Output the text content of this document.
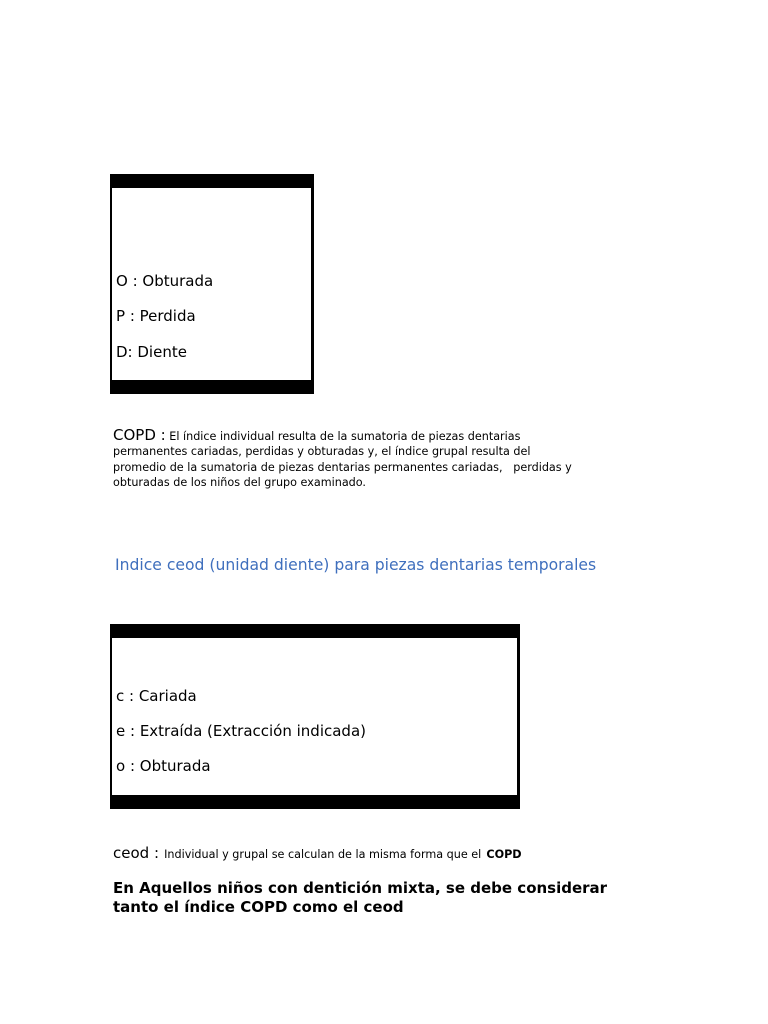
O : Obturada
P : Perdida
D: Diente
COPD : El índice individual resulta de la sumatoria de piezas dentarias
permanentes cariadas, perdidas y obturadas y, el índice grupal resulta del
promedio de la sumatoria de piezas dentarias permanentes cariadas,   perdidas y
obturadas de los niños del grupo examinado.
Indice ceod (unidad diente) para piezas dentarias temporales
c : Cariada
e : Extraída (Extracción indicada)
o : Obturada
ceod : Individual y grupal se calculan de la misma forma que el COPD
En Aquellos niños con dentición mixta, se debe considerar
tanto el índice COPD como el ceod
